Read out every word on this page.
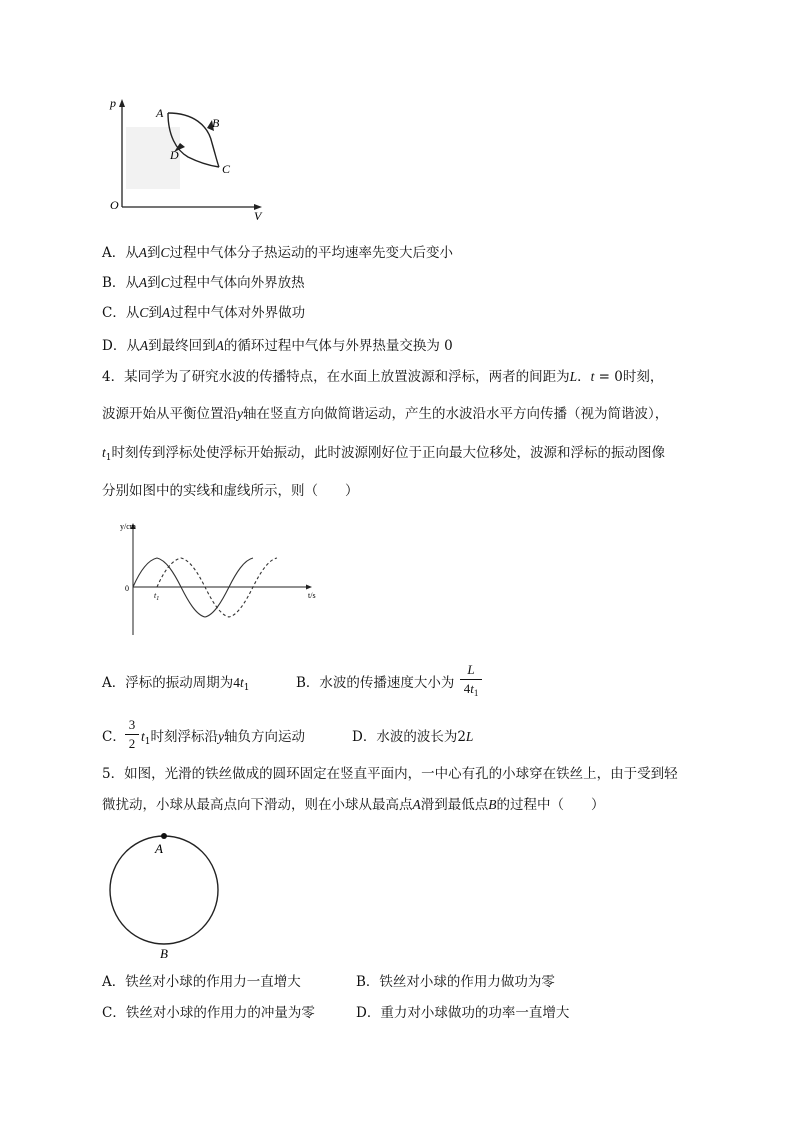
p
V
O
A
B
C
D
A．从A到C过程中气体分子热运动的平均速率先变大后变小
B．从A到C过程中气体向外界放热
C．从C到A过程中气体对外界做功
D．从A到最终回到A的循环过程中气体与外界热量交换为 0
4．某同学为了研究水波的传播特点，在水面上放置波源和浮标，两者的间距为L．t = 0时刻，
波源开始从平衡位置沿y轴在竖直方向做简谐运动，产生的水波沿水平方向传播（视为简谐波），
$t_1$时刻传到浮标处使浮标开始振动，此时波源刚好位于正向最大位移处，波源和浮标的振动图像
分别如图中的实线和虚线所示，则（　　）
y/cm
t/s
0
$t_1$
A．浮标的振动周期为$4t_1$	B．水波的传播速度大小为
L
$4t_1$
C．
3
2 $t_1$时刻浮标沿y轴负方向运动	D．水波的波长为2L
5．如图，光滑的铁丝做成的圆环固定在竖直平面内，一中心有孔的小球穿在铁丝上，由于受到轻
微扰动，小球从最高点向下滑动，则在小球从最高点A滑到最低点B的过程中（　　）
A
B
A．铁丝对小球的作用力一直增大	B．铁丝对小球的作用力做功为零
C．铁丝对小球的作用力的冲量为零	D．重力对小球做功的功率一直增大
